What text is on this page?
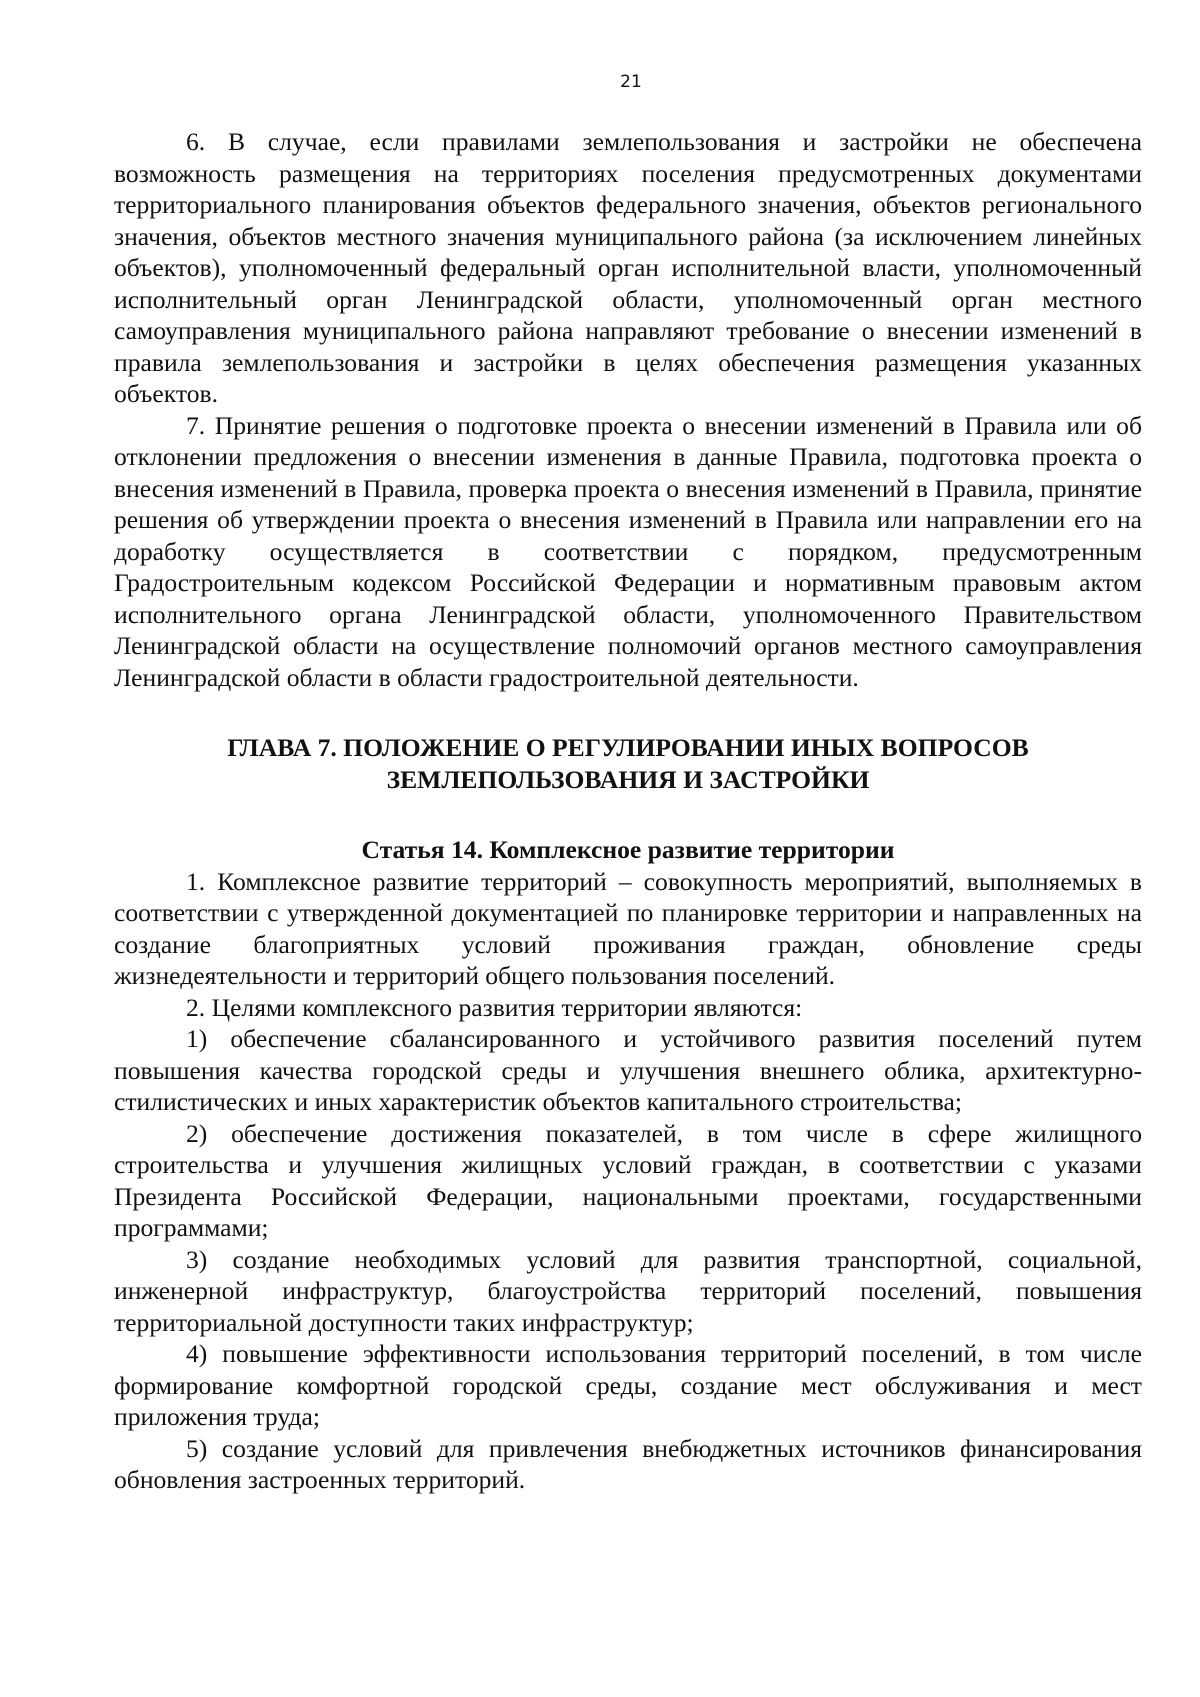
21

6. В случае, если правилами землепользования и застройки не обеспечена возможность размещения на территориях поселения предусмотренных документами территориального планирования объектов федерального значения, объектов регионального значения, объектов местного значения муниципального района (за исключением линейных объектов), уполномоченный федеральный орган исполнительной власти, уполномоченный исполнительный орган Ленинградской области, уполномоченный орган местного самоуправления муниципального района направляют требование о внесении изменений в правила землепользования и застройки в целях обеспечения размещения указанных объектов.

7. Принятие решения о подготовке проекта о внесении изменений в Правила или об отклонении предложения о внесении изменения в данные Правила, подготовка проекта о внесения изменений в Правила, проверка проекта о внесения изменений в Правила, принятие решения об утверждении проекта о внесения изменений в Правила или направлении его на доработку осуществляется в соответствии с порядком, предусмотренным Градостроительным кодексом Российской Федерации и нормативным правовым актом исполнительного органа Ленинградской области, уполномоченного Правительством Ленинградской области на осуществление полномочий органов местного самоуправления Ленинградской области в области градостроительной деятельности.

ГЛАВА 7. ПОЛОЖЕНИЕ О РЕГУЛИРОВАНИИ ИНЫХ ВОПРОСОВ
ЗЕМЛЕПОЛЬЗОВАНИЯ И ЗАСТРОЙКИ
Статья 14. Комплексное развитие территории

1. Комплексное развитие территорий – совокупность мероприятий, выполняемых в соответствии с утвержденной документацией по планировке территории и направленных на создание благоприятных условий проживания граждан, обновление среды жизнедеятельности и территорий общего пользования поселений.

2. Целями комплексного развития территории являются:

1) обеспечение сбалансированного и устойчивого развития поселений путем повышения качества городской среды и улучшения внешнего облика, архитектурно-стилистических и иных характеристик объектов капитального строительства;

2) обеспечение достижения показателей, в том числе в сфере жилищного строительства и улучшения жилищных условий граждан, в соответствии с указами Президента Российской Федерации, национальными проектами, государственными программами;

3) создание необходимых условий для развития транспортной, социальной, инженерной инфраструктур, благоустройства территорий поселений, повышения территориальной доступности таких инфраструктур;

4) повышение эффективности использования территорий поселений, в том числе формирование комфортной городской среды, создание мест обслуживания и мест приложения труда;

5) создание условий для привлечения внебюджетных источников финансирования обновления застроенных территорий.
